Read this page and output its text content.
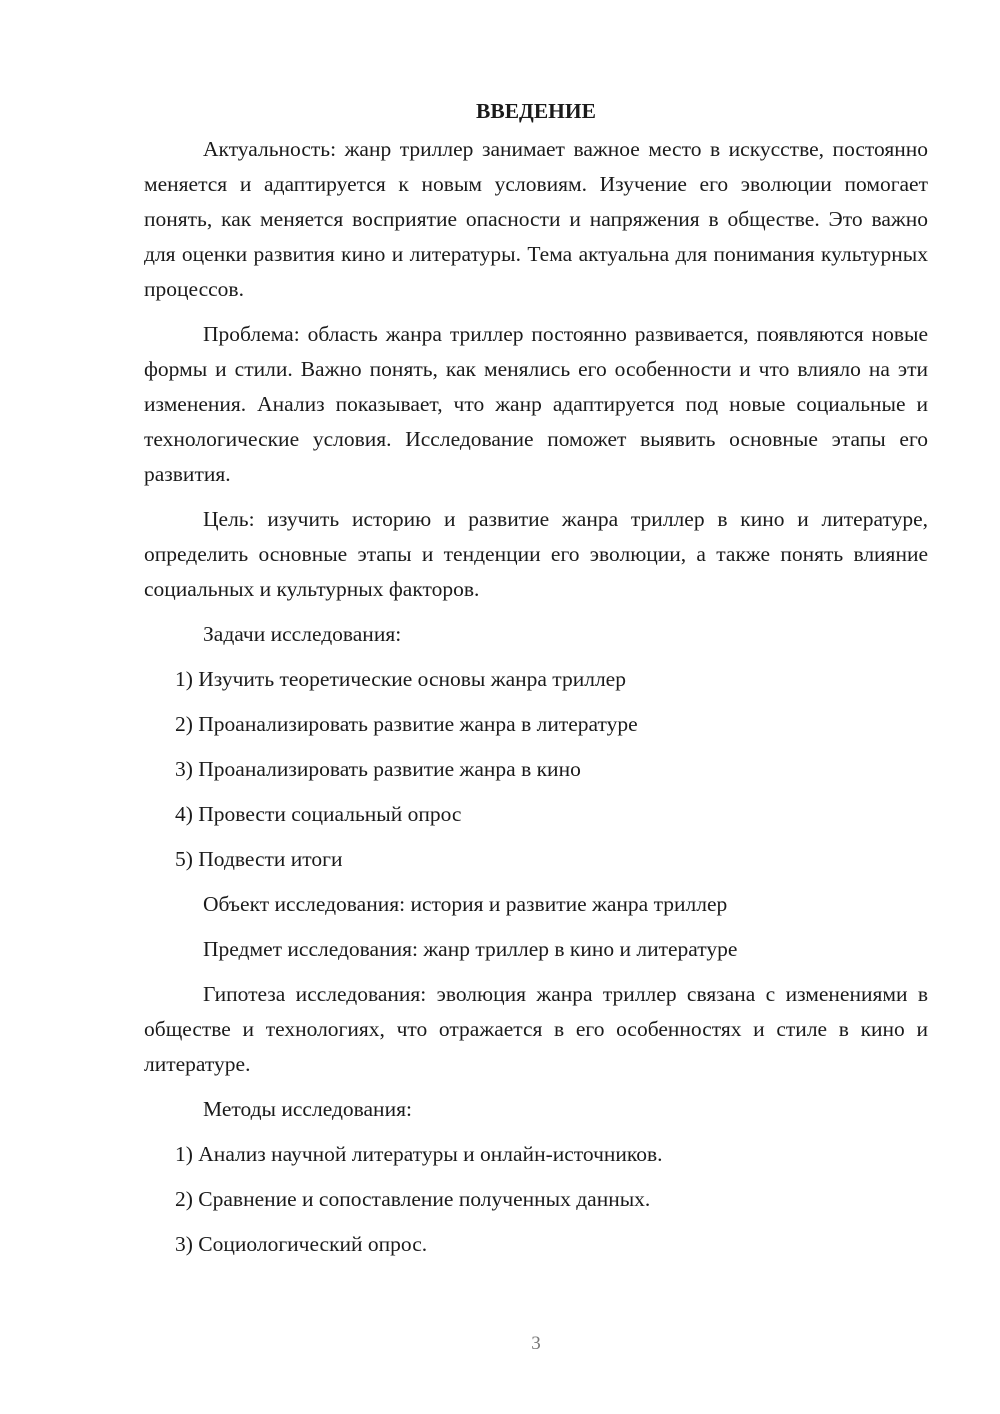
ВВЕДЕНИЕ

Актуальность: жанр триллер занимает важное место в искусстве, постоянно меняется и адаптируется к новым условиям. Изучение его эволюции помогает понять, как меняется восприятие опасности и напряжения в обществе. Это важно для оценки развития кино и литературы. Тема актуальна для понимания культурных процессов.

Проблема: область жанра триллер постоянно развивается, появляются новые формы и стили. Важно понять, как менялись его особенности и что влияло на эти изменения. Анализ показывает, что жанр адаптируется под новые социальные и технологические условия. Исследование поможет выявить основные этапы его развития.

Цель: изучить историю и развитие жанра триллер в кино и литературе, определить основные этапы и тенденции его эволюции, а также понять влияние социальных и культурных факторов.

Задачи исследования:
1) Изучить теоретические основы жанра триллер
2) Проанализировать развитие жанра в литературе
3) Проанализировать развитие жанра в кино
4) Провести социальный опрос
5) Подвести итоги
Объект исследования: история и развитие жанра триллер
Предмет исследования: жанр триллер в кино и литературе

Гипотеза исследования: эволюция жанра триллер связана с изменениями в обществе и технологиях, что отражается в его особенностях и стиле в кино и литературе.

Методы исследования:
1) Анализ научной литературы и онлайн-источников.
2) Сравнение и сопоставление полученных данных.
3) Социологический опрос.
3
